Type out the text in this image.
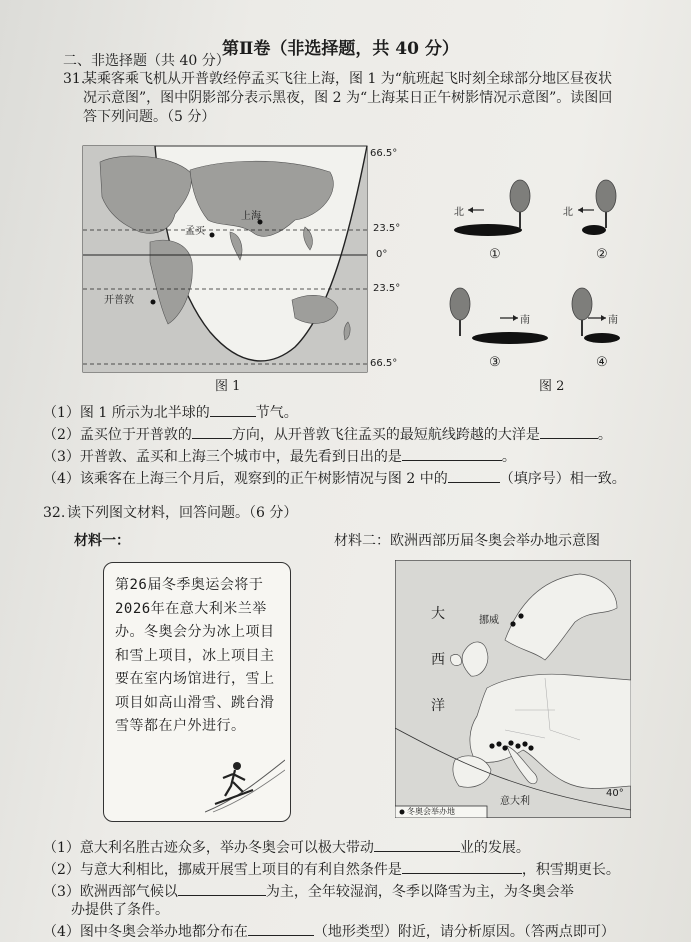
第Ⅱ卷（非选择题，共 40 分）
二、非选择题（共 40 分）
31.
某乘客乘飞机从开普敦经停孟买飞往上海，图 1 为“航班起飞时刻全球部分地区昼夜状
况示意图”，图中阴影部分表示黑夜，图 2 为“上海某日正午树影情况示意图”。读图回
答下列问题。（5 分）
66.5°
23.5°
0°
23.5°
66.5°
上海
孟买
开普敦
图 1
北	北
南	南
①	②
③	④
图 2
（1）图 1 所示为北半球的	节气。
（2）孟买位于开普敦的	方向，从开普敦飞往孟买的最短航线跨越的大洋是	。
（3）开普敦、孟买和上海三个城市中，最先看到日出的是	。
（4）该乘客在上海三个月后，观察到的正午树影情况与图 2 中的	（填序号）相一致。
32. 读下列图文材料，回答问题。（6 分）
材料一：	材料二：欧洲西部历届冬奥会举办地示意图
第26届冬季奥运会将于2026年在意大利米兰举办。冬奥会分为冰上项目和雪上项目，冰上项目主要在室内场馆进行，雪上项目如高山滑雪、跳台滑雪等都在户外进行。
大
西
洋
挪威
意大利
40°
冬奥会举办地
（1）意大利名胜古迹众多，举办冬奥会可以极大带动	业的发展。
（2）与意大利相比，挪威开展雪上项目的有利自然条件是	，积雪期更长。
（3）欧洲西部气候以	为主，全年较湿润，冬季以降雪为主，为冬奥会举
办提供了条件。
（4）图中冬奥会举办地都分布在	（地形类型）附近，请分析原因。（答两点即可）
